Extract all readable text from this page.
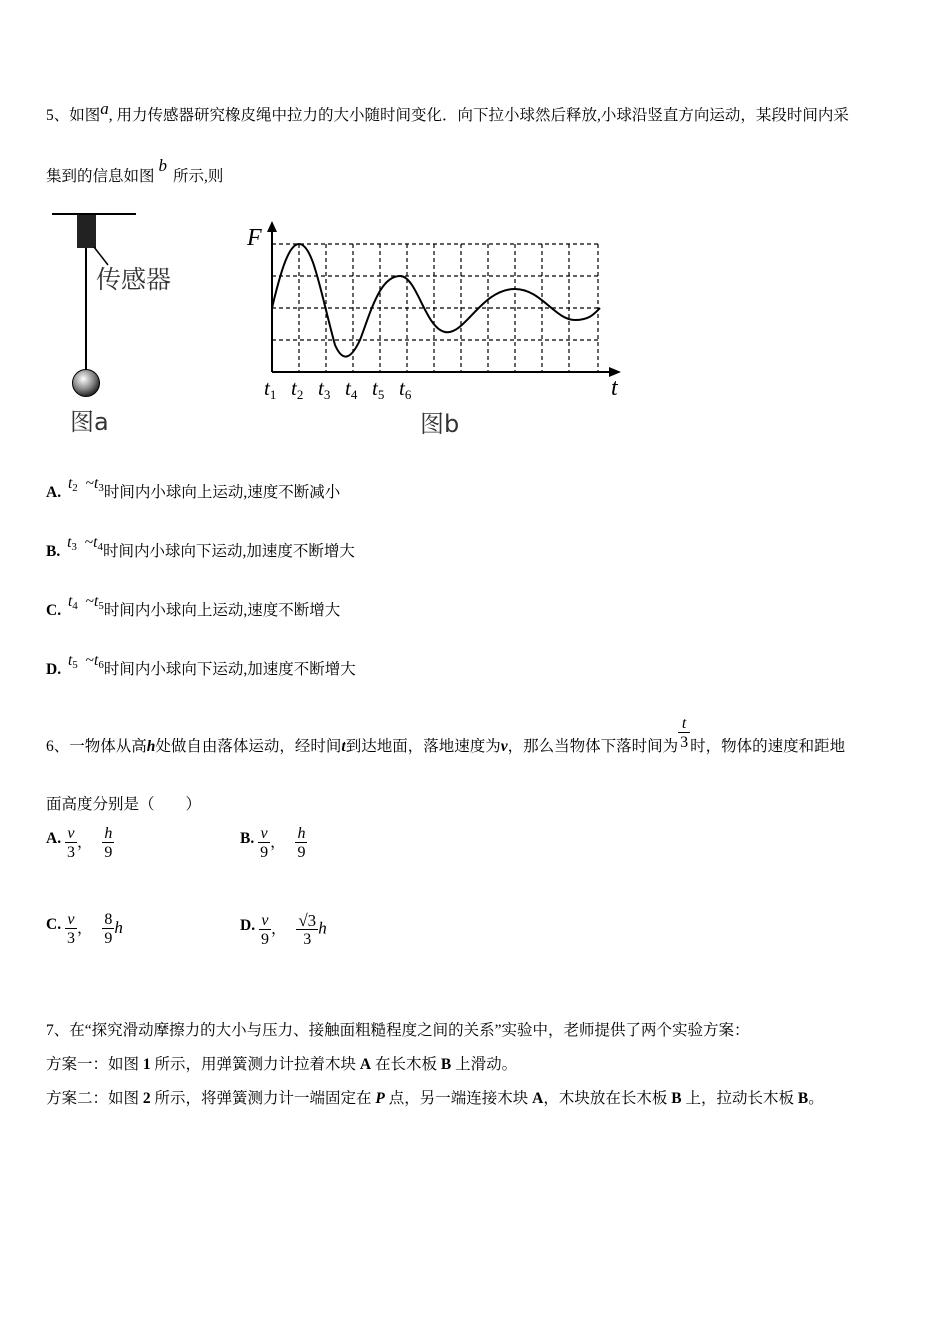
5、如图a, 用力传感器研究橡皮绳中拉力的大小随时间变化．向下拉小球然后释放,小球沿竖直方向运动，某段时间内采
集到的信息如图b所示,则
传感器
图a
F
t
t1 t2 t3 t4 t5 t6
图b
A. $t_2$ $\sim t_3$时间内小球向上运动,速度不断减小
B. $t_3$ $\sim t_4$时间内小球向下运动,加速度不断增大
C. $t_4$ $\sim t_5$时间内小球向上运动,速度不断增大
D. $t_5$ $\sim t_6$时间内小球向下运动,加速度不断增大
6、一物体从高h处做自由落体运动，经时间t到达地面，落地速度为v，那么当物体下落时间为 $\frac{t}{3}$ 时，物体的速度和距地
面高度分别是（　　）
A. $\frac{v}{3}$ ， $\frac{h}{9}$	B. $\frac{v}{9}$ ， $\frac{h}{9}$
C. $\frac{v}{3}$ ， $\frac{8}{9}$ h	D. $\frac{v}{9}$ ， $\frac{√3}{3}$ h
7、在“探究滑动摩擦力的大小与压力、接触面粗糙程度之间的关系”实验中，老师提供了两个实验方案：
方案一：如图 1 所示，用弹簧测力计拉着木块 A 在长木板 B 上滑动。
方案二：如图 2 所示，将弹簧测力计一端固定在 P 点，另一端连接木块 A，木块放在长木板 B 上，拉动长木板 B。
